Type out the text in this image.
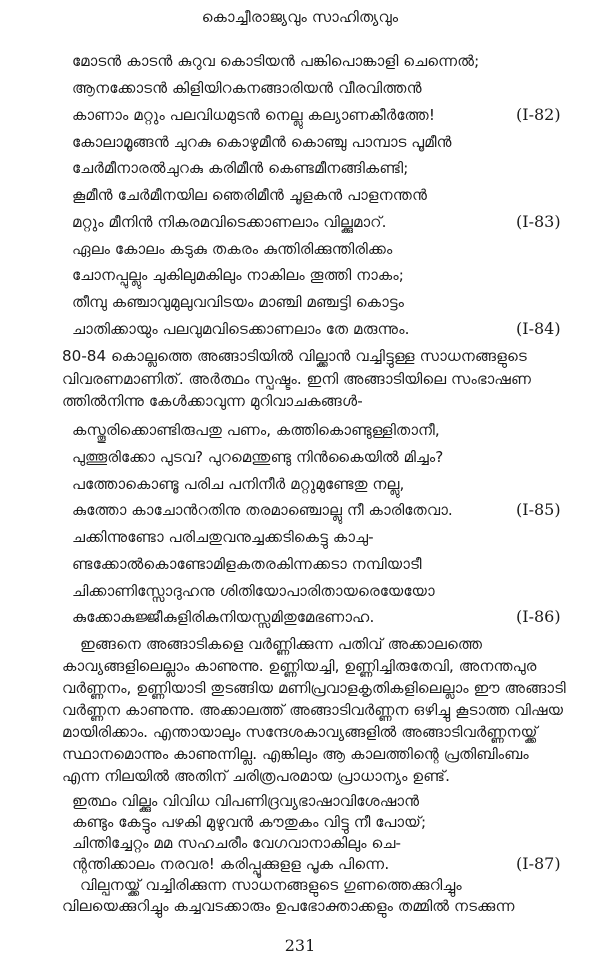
കൊച്ചീരാജ്യവും സാഹിത്യവും
മോടൻ കാടൻ കുറുവ കൊടിയൻ പങ്കിപൊങ്കാളി ചെന്നെൽ;
ആനക്കോടൻ കിളിയിറകനങ്ങാരിയൻ വീരവിത്തൻ
കാണാം മറ്റും പലവിധമുടൻ നെല്ലു കല്യാണകീർത്തേ!	(I-82)
കോലാമൂങ്ങൻ ചുറകു കൊഴുമീൻ കൊഞ്ചു പാമ്പാട പൂമീൻ
ചേർമീനാരൽചുറകു കരിമീൻ കെണ്ടമീനങ്ങികണ്ടി;
കൂമീൻ ചേർമീനയില ഞെരിമീൻ ചൂളകൻ പാളനന്തൻ
മറ്റും മീനിൻ നികരമവിടെക്കാണലാം വില്ക്കുമാറ്.	(I-83)
ഏലം കോലം കടുകു തകരം കുന്തിരിക്കുന്തിരിക്കം
ചോനപ്പുല്ലും ചുകിലുമകിലും നാകിലം തൂത്തി നാകം;
തീമ്പു കഞ്ചാവുമുലുവവിടയം മാഞ്ചി മഞ്ചട്ടി കൊട്ടം
ചാതിക്കായും പലവുമവിടെക്കാണലാം തേ മരുന്നും.	(I-84)
80-84 കൊല്ലത്തെ അങ്ങാടിയിൽ വില്ക്കാൻ വച്ചിട്ടുള്ള സാധനങ്ങളുടെ
വിവരണമാണിത്. അർത്ഥം സ്പഷ്ടം. ഇനി അങ്ങാടിയിലെ സംഭാഷണ
ത്തിൽനിന്നു കേൾക്കാവുന്ന മുറിവാചകങ്ങൾ-
കസ്തൂരിക്കൊണ്ടിരുപതു പണം, കത്തികൊണ്ടുള്ളിതാനീ,
പുത്തൂരിക്കോ പുടവ? പുറമെന്തുണ്ടു നിൻകൈയിൽ മിച്ചം?
പത്തോകൊണ്ടൂ പരിച പനിനീർ മറ്റുമുണ്ടേതു നല്ലു,
കുത്തോ കാചോൻറതിനു തരമാഞ്ചൊല്ലു നീ കാരിതേവാ.	(I-85)
ചക്കിന്നുണ്ടോ പരിചതുവനുച്ചക്കടികെട്ടു കാചു-
ണ്ടക്കോൽകൊണ്ടോമിളകതരകിന്നക്കടാ നമ്പിയാടീ
ചിക്കാണിസ്സോദുഹനു ശിതിയോപാരിതായരെയേയോ
കുക്കോകുജ്ജീകുളിരികുനിയസ്സമിതുമേഭണാഹ.	(I-86)
ഇങ്ങനെ അങ്ങാടികളെ വർണ്ണിക്കുന്ന പതിവ് അക്കാലത്തെ
കാവ്യങ്ങളിലെല്ലാം കാണുന്നു. ഉണ്ണിയച്ചി, ഉണ്ണിച്ചിരുതേവി, അനന്തപുര
വർണ്ണനം, ഉണ്ണിയാടി തുടങ്ങിയ മണിപ്രവാളകൃതികളിലെല്ലാം ഈ അങ്ങാടി
വർണ്ണന കാണുന്നു. അക്കാലത്ത് അങ്ങാടിവർണ്ണന ഒഴിച്ചു കൂടാത്ത വിഷയ
മായിരിക്കാം. എന്തായാലും സന്ദേശകാവ്യങ്ങളിൽ അങ്ങാടിവർണ്ണനയ്ക്ക്
സ്ഥാനമൊന്നും കാണുന്നില്ല. എങ്കിലും ആ കാലത്തിന്റെ പ്രതിബിംബം
എന്ന നിലയിൽ അതിന് ചരിത്രപരമായ പ്രാധാന്യം ഉണ്ട്.
231
ഇത്ഥം വില്ക്കും വിവിധ വിപണിദ്രവ്യഭാഷാവിശേഷാൻ
കണ്ടും കേട്ടും പഴകി മുഴുവൻ കൗതുകം വിട്ടു നീ പോയ്;
ചിന്തിച്ചേറ്റം മമ സഹചരീം വേഗവാനാകിലും ചെ-
ന്റന്തിക്കാലം നരവര! കരിപ്പൂക്കുളള പൂക പിന്നെ.	(I-87)
വില്പനയ്ക്ക് വച്ചിരിക്കുന്ന സാധനങ്ങളുടെ ഗുണത്തെക്കുറിച്ചും
വിലയെക്കുറിച്ചും കച്ചവടക്കാരും ഉപഭോക്താക്കളും തമ്മിൽ നടക്കുന്ന
